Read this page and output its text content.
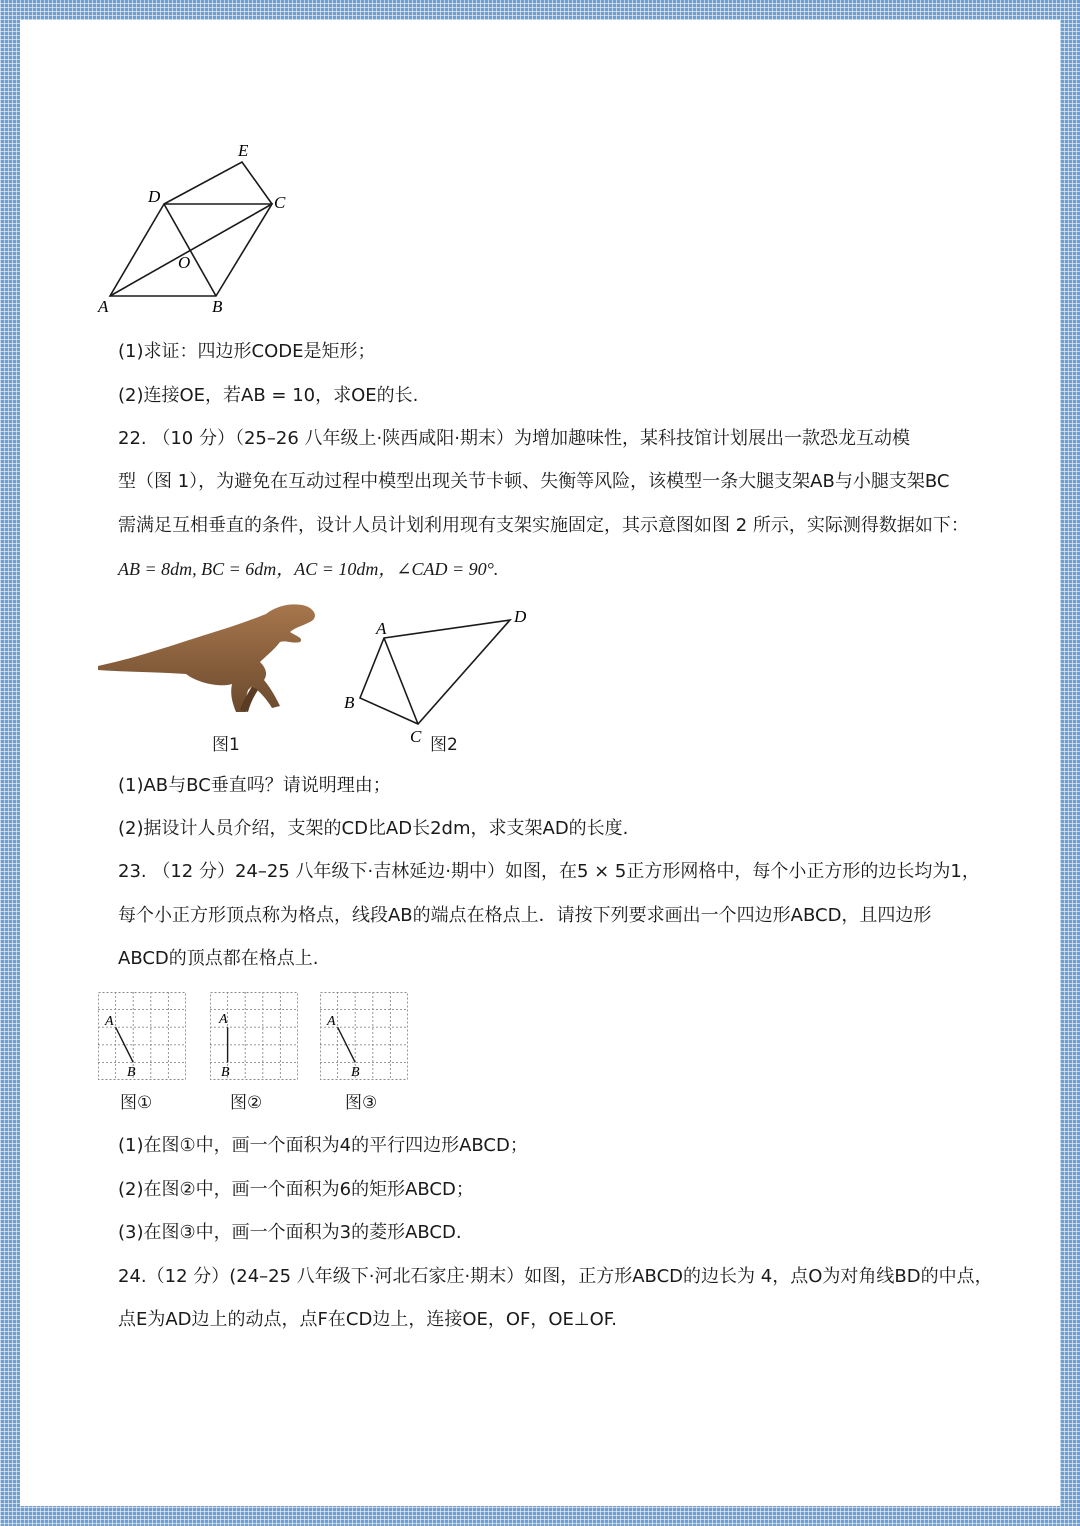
E
D	C
O
A	B
(1)求证：四边形CODE是矩形；
(2)连接OE，若AB = 10，求OE的长.
22. （10 分）（25–26 八年级上·陕西咸阳·期末）为增加趣味性，某科技馆计划展出一款恐龙互动模
型（图 1），为避免在互动过程中模型出现关节卡顿、失衡等风险，该模型一条大腿支架AB与小腿支架BC
需满足互相垂直的条件，设计人员计划利用现有支架实施固定，其示意图如图 2 所示，实际测得数据如下：
AB = 8dm, BC = 6dm，AC = 10dm，∠CAD = 90°.
A
D
B
C
图1	图2
(1)AB与BC垂直吗？请说明理由；
(2)据设计人员介绍，支架的CD比AD长2dm，求支架AD的长度.
23. （12 分）24–25 八年级下·吉林延边·期中）如图，在5 × 5正方形网格中，每个小正方形的边长均为1，
每个小正方形顶点称为格点，线段AB的端点在格点上．请按下列要求画出一个四边形ABCD，且四边形
ABCD的顶点都在格点上.
A
B
A
B
A
B
图①	图②	图③
(1)在图①中，画一个面积为4的平行四边形ABCD；
(2)在图②中，画一个面积为6的矩形ABCD；
(3)在图③中，画一个面积为3的菱形ABCD.
24.（12 分）(24–25 八年级下·河北石家庄·期末）如图，正方形ABCD的边长为 4，点O为对角线BD的中点，
点E为AD边上的动点，点F在CD边上，连接OE，OF，OE⊥OF.
